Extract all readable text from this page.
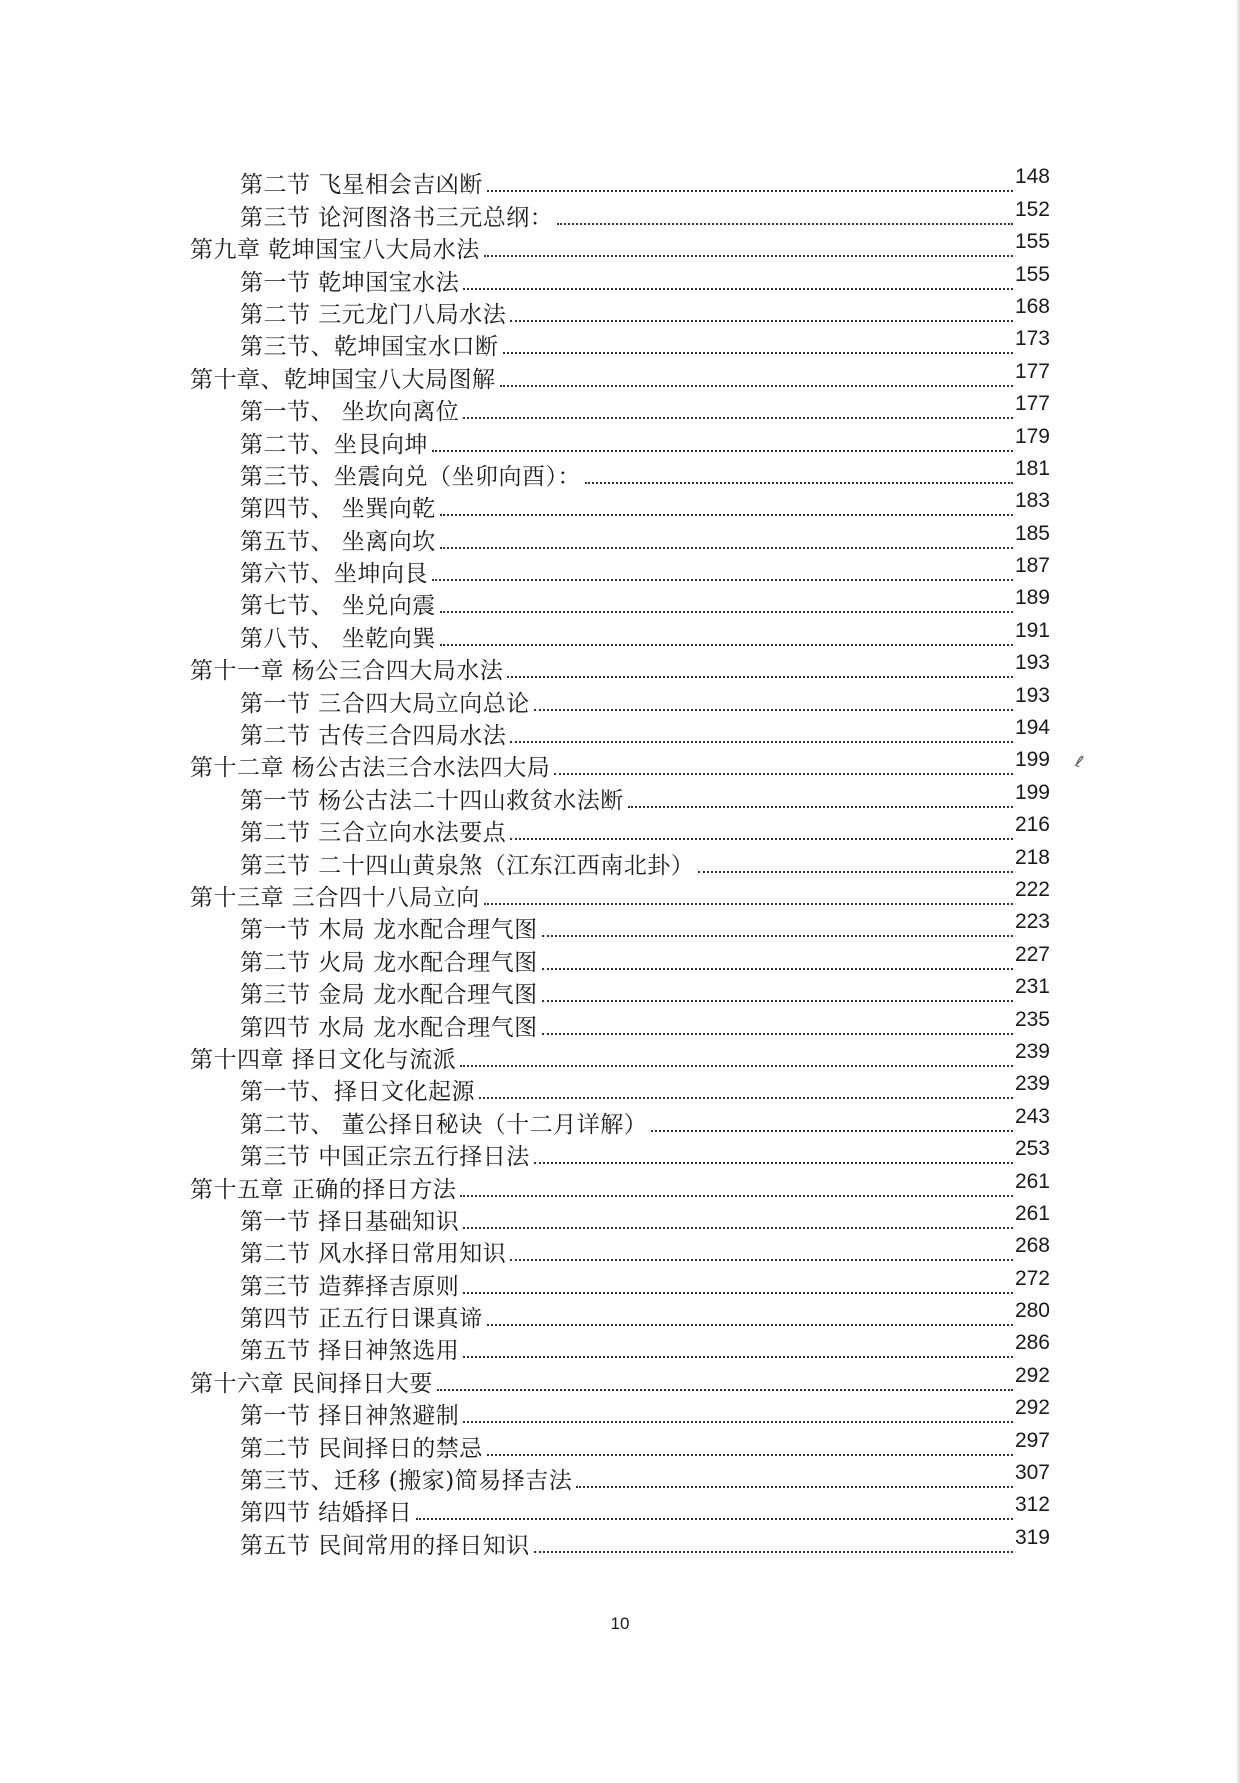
第二节 飞星相会吉凶断	148
第三节 论河图洛书三元总纲：	152
第九章 乾坤国宝八大局水法	155
第一节 乾坤国宝水法	155
第二节 三元龙门八局水法	168
第三节、乾坤国宝水口断	173
第十章、乾坤国宝八大局图解	177
第一节、 坐坎向离位	177
第二节、坐艮向坤	179
第三节、坐震向兑（坐卯向酉）：	181
第四节、 坐巽向乾	183
第五节、 坐离向坎	185
第六节、坐坤向艮	187
第七节、 坐兑向震	189
第八节、 坐乾向巽	191
第十一章 杨公三合四大局水法	193
第一节 三合四大局立向总论	193
第二节 古传三合四局水法	194
第十二章 杨公古法三合水法四大局	199
第一节 杨公古法二十四山救贫水法断	199
第二节 三合立向水法要点	216
第三节 二十四山黄泉煞（江东江西南北卦）	218
第十三章 三合四十八局立向	222
第一节 木局 龙水配合理气图	223
第二节 火局 龙水配合理气图	227
第三节 金局 龙水配合理气图	231
第四节 水局 龙水配合理气图	235
第十四章 择日文化与流派	239
第一节、择日文化起源	239
第二节、 董公择日秘诀（十二月详解）	243
第三节 中国正宗五行择日法	253
第十五章 正确的择日方法	261
第一节 择日基础知识	261
第二节 风水择日常用知识	268
第三节 造葬择吉原则	272
第四节 正五行日课真谛	280
第五节 择日神煞选用	286
第十六章 民间择日大要	292
第一节 择日神煞避制	292
第二节 民间择日的禁忌	297
第三节、迁移 (搬家)简易择吉法	307
第四节 结婚择日	312
第五节 民间常用的择日知识	319
ℓ
10
